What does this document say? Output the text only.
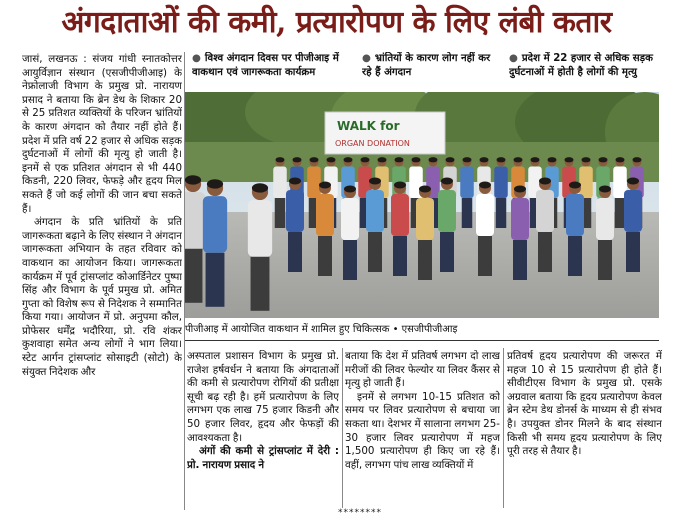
अंगदाताओं की कमी, प्रत्यारोपण के लिए लंबी कतार

जासं, लखनऊ : संजय गांधी स्नातकोत्तर आयुर्विज्ञान संस्थान (एसजीपीजीआइ) के नेफ्रोलाजी विभाग के प्रमुख प्रो. नारायण प्रसाद ने बताया कि ब्रेन डेथ के शिकार 20 से 25 प्रतिशत व्यक्तियों के परिजन भ्रांतियों के कारण अंगदान को तैयार नहीं होते हैं। प्रदेश में प्रति वर्ष 22 हजार से अधिक सड़क दुर्घटनाओं में लोगों की मृत्यु हो जाती है। इनमें से एक प्रतिशत अंगदान से भी 440 किडनी, 220 लिवर, फेफड़े और हृदय मिल सकते हैं जो कई लोगों की जान बचा सकते हैं।

अंगदान के प्रति भ्रांतियों के प्रति जागरूकता बढ़ाने के लिए संस्थान ने अंगदान जागरूकता अभियान के तहत रविवार को वाकथान का आयोजन किया। जागरूकता कार्यक्रम में पूर्व ट्रांसप्लांट कोआर्डिनेटर पुष्पा सिंह और विभाग के पूर्व प्रमुख प्रो. अमित गुप्ता को विशेष रूप से निदेशक ने सम्मानित किया गया। आयोजन में प्रो. अनुपमा कौल, प्रोफेसर धर्मेंद्र भदौरिया, प्रो. रवि शंकर कुशवाहा समेत अन्य लोगों ने भाग लिया। स्टेट आर्गन ट्रांसप्लांट सोसाइटी (सोटो) के संयुक्त निदेशक और

● विश्व अंगदान दिवस पर पीजीआइ में वाकथान एवं जागरूकता कार्यक्रम
● भ्रांतियों के कारण लोग नहीं कर रहे हैं अंगदान
● प्रदेश में 22 हजार से अधिक सड़क दुर्घटनाओं में होती है लोगों की मृत्यु
WALK for
ORGAN DONATION
पीजीआइ में आयोजित वाकथान में शामिल हुए चिकित्सक • एसजीपीजीआइ

अस्पताल प्रशासन विभाग के प्रमुख प्रो. राजेश हर्षवर्धन ने बताया कि अंगदाताओं की कमी से प्रत्यारोपण रोगियों की प्रतीक्षा सूची बढ़ रही है। हमें प्रत्यारोपण के लिए लगभग एक लाख 75 हजार किडनी और 50 हजार लिवर, हृदय और फेफड़ों की आवश्यकता है।

अंगों की कमी से ट्रांसप्लांट में देरी : प्रो. नारायण प्रसाद ने

बताया कि देश में प्रतिवर्ष लगभग दो लाख मरीजों की लिवर फेल्योर या लिवर कैंसर से मृत्यु हो जाती हैं।

इनमें से लगभग 10-15 प्रतिशत को समय पर लिवर प्रत्यारोपण से बचाया जा सकता था। देशभर में सालाना लगभग 25-30 हजार लिवर प्रत्यारोपण में महज 1,500 प्रत्यारोपण ही किए जा रहे हैं। वहीं, लगभग पांच लाख व्यक्तियों में

प्रतिवर्ष हृदय प्रत्यारोपण की जरूरत में महज 10 से 15 प्रत्यारोपण ही होते हैं। सीवीटीएस विभाग के प्रमुख प्रो. एसके अग्रवाल बताया कि हृदय प्रत्यारोपण केवल ब्रेन स्टेम डेथ डोनर्स के माध्यम से ही संभव है। उपयुक्त डोनर मिलने के बाद संस्थान किसी भी समय हृदय प्रत्यारोपण के लिए पूरी तरह से तैयार है।

********
